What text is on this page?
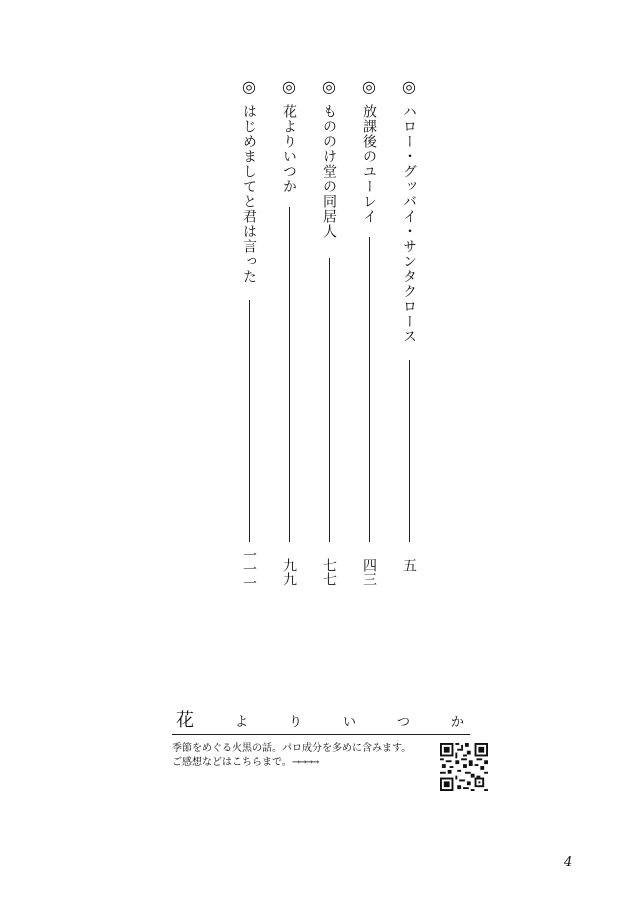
◎
ハロー・グッバイ・サンタクロース
五
◎
放課後のユーレイ
四三
◎
もののけ堂の同居人
七七
◎
花よりいつか
九九
◎
はじめましてと君は言った
一一一
花	よ	り	い	つ	か
季節をめぐる火黒の話。パロ成分を多めに含みます。
ご感想などはこちらまで。→→→→
4
